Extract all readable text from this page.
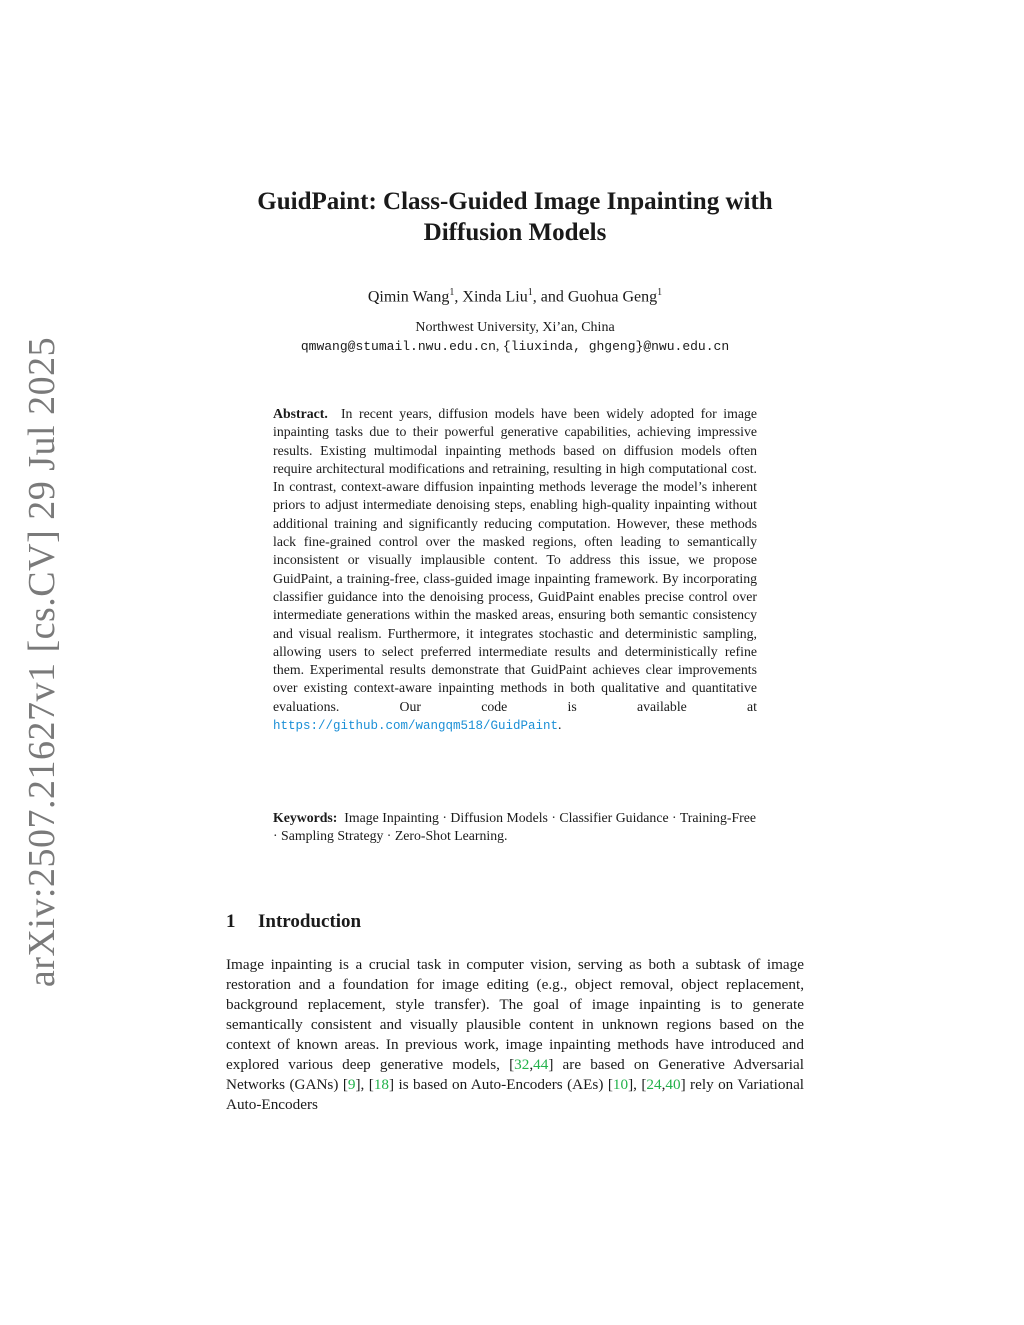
arXiv:2507.21627v1 [cs.CV] 29 Jul 2025
GuidPaint: Class-Guided Image Inpainting with
Diffusion Models
Qimin Wang$^1$, Xinda Liu$^1$, and Guohua Geng$^1$
Northwest University, Xi’an, China
qmwang@stumail.nwu.edu.cn, {liuxinda, ghgeng}@nwu.edu.cn
Abstract. In recent years, diffusion models have been widely adopted for image inpainting tasks due to their powerful generative capabilities, achieving impressive results. Existing multimodal inpainting methods based on diffusion models often require architectural modifications and retraining, resulting in high computational cost. In contrast, context-aware diffusion inpainting methods leverage the model’s inherent priors to adjust intermediate denoising steps, enabling high-quality inpainting without additional training and significantly reducing computation. However, these methods lack fine-grained control over the masked regions, often leading to semantically inconsistent or visually implausible content. To address this issue, we propose GuidPaint, a training-free, class-guided image inpainting framework. By incorporating classifier guidance into the denoising process, GuidPaint enables precise control over intermediate generations within the masked areas, ensuring both semantic consistency and visual realism. Furthermore, it integrates stochastic and deterministic sampling, allowing users to select preferred intermediate results and deterministically refine them. Experimental results demonstrate that GuidPaint achieves clear improvements over existing context-aware inpainting methods in both qualitative and quantitative evaluations. Our code is available at https://github.com/wangqm518/GuidPaint.
Keywords: Image Inpainting · Diffusion Models · Classifier Guidance · Training-Free · Sampling Strategy · Zero-Shot Learning.
1 Introduction
Image inpainting is a crucial task in computer vision, serving as both a subtask of image restoration and a foundation for image editing (e.g., object removal, object replacement, background replacement, style transfer). The goal of image inpainting is to generate semantically consistent and visually plausible content in unknown regions based on the context of known areas. In previous work, image inpainting methods have introduced and explored various deep generative models, [32,44] are based on Generative Adversarial Networks (GANs) [9], [18] is based on Auto-Encoders (AEs) [10], [24,40] rely on Variational Auto-Encoders
